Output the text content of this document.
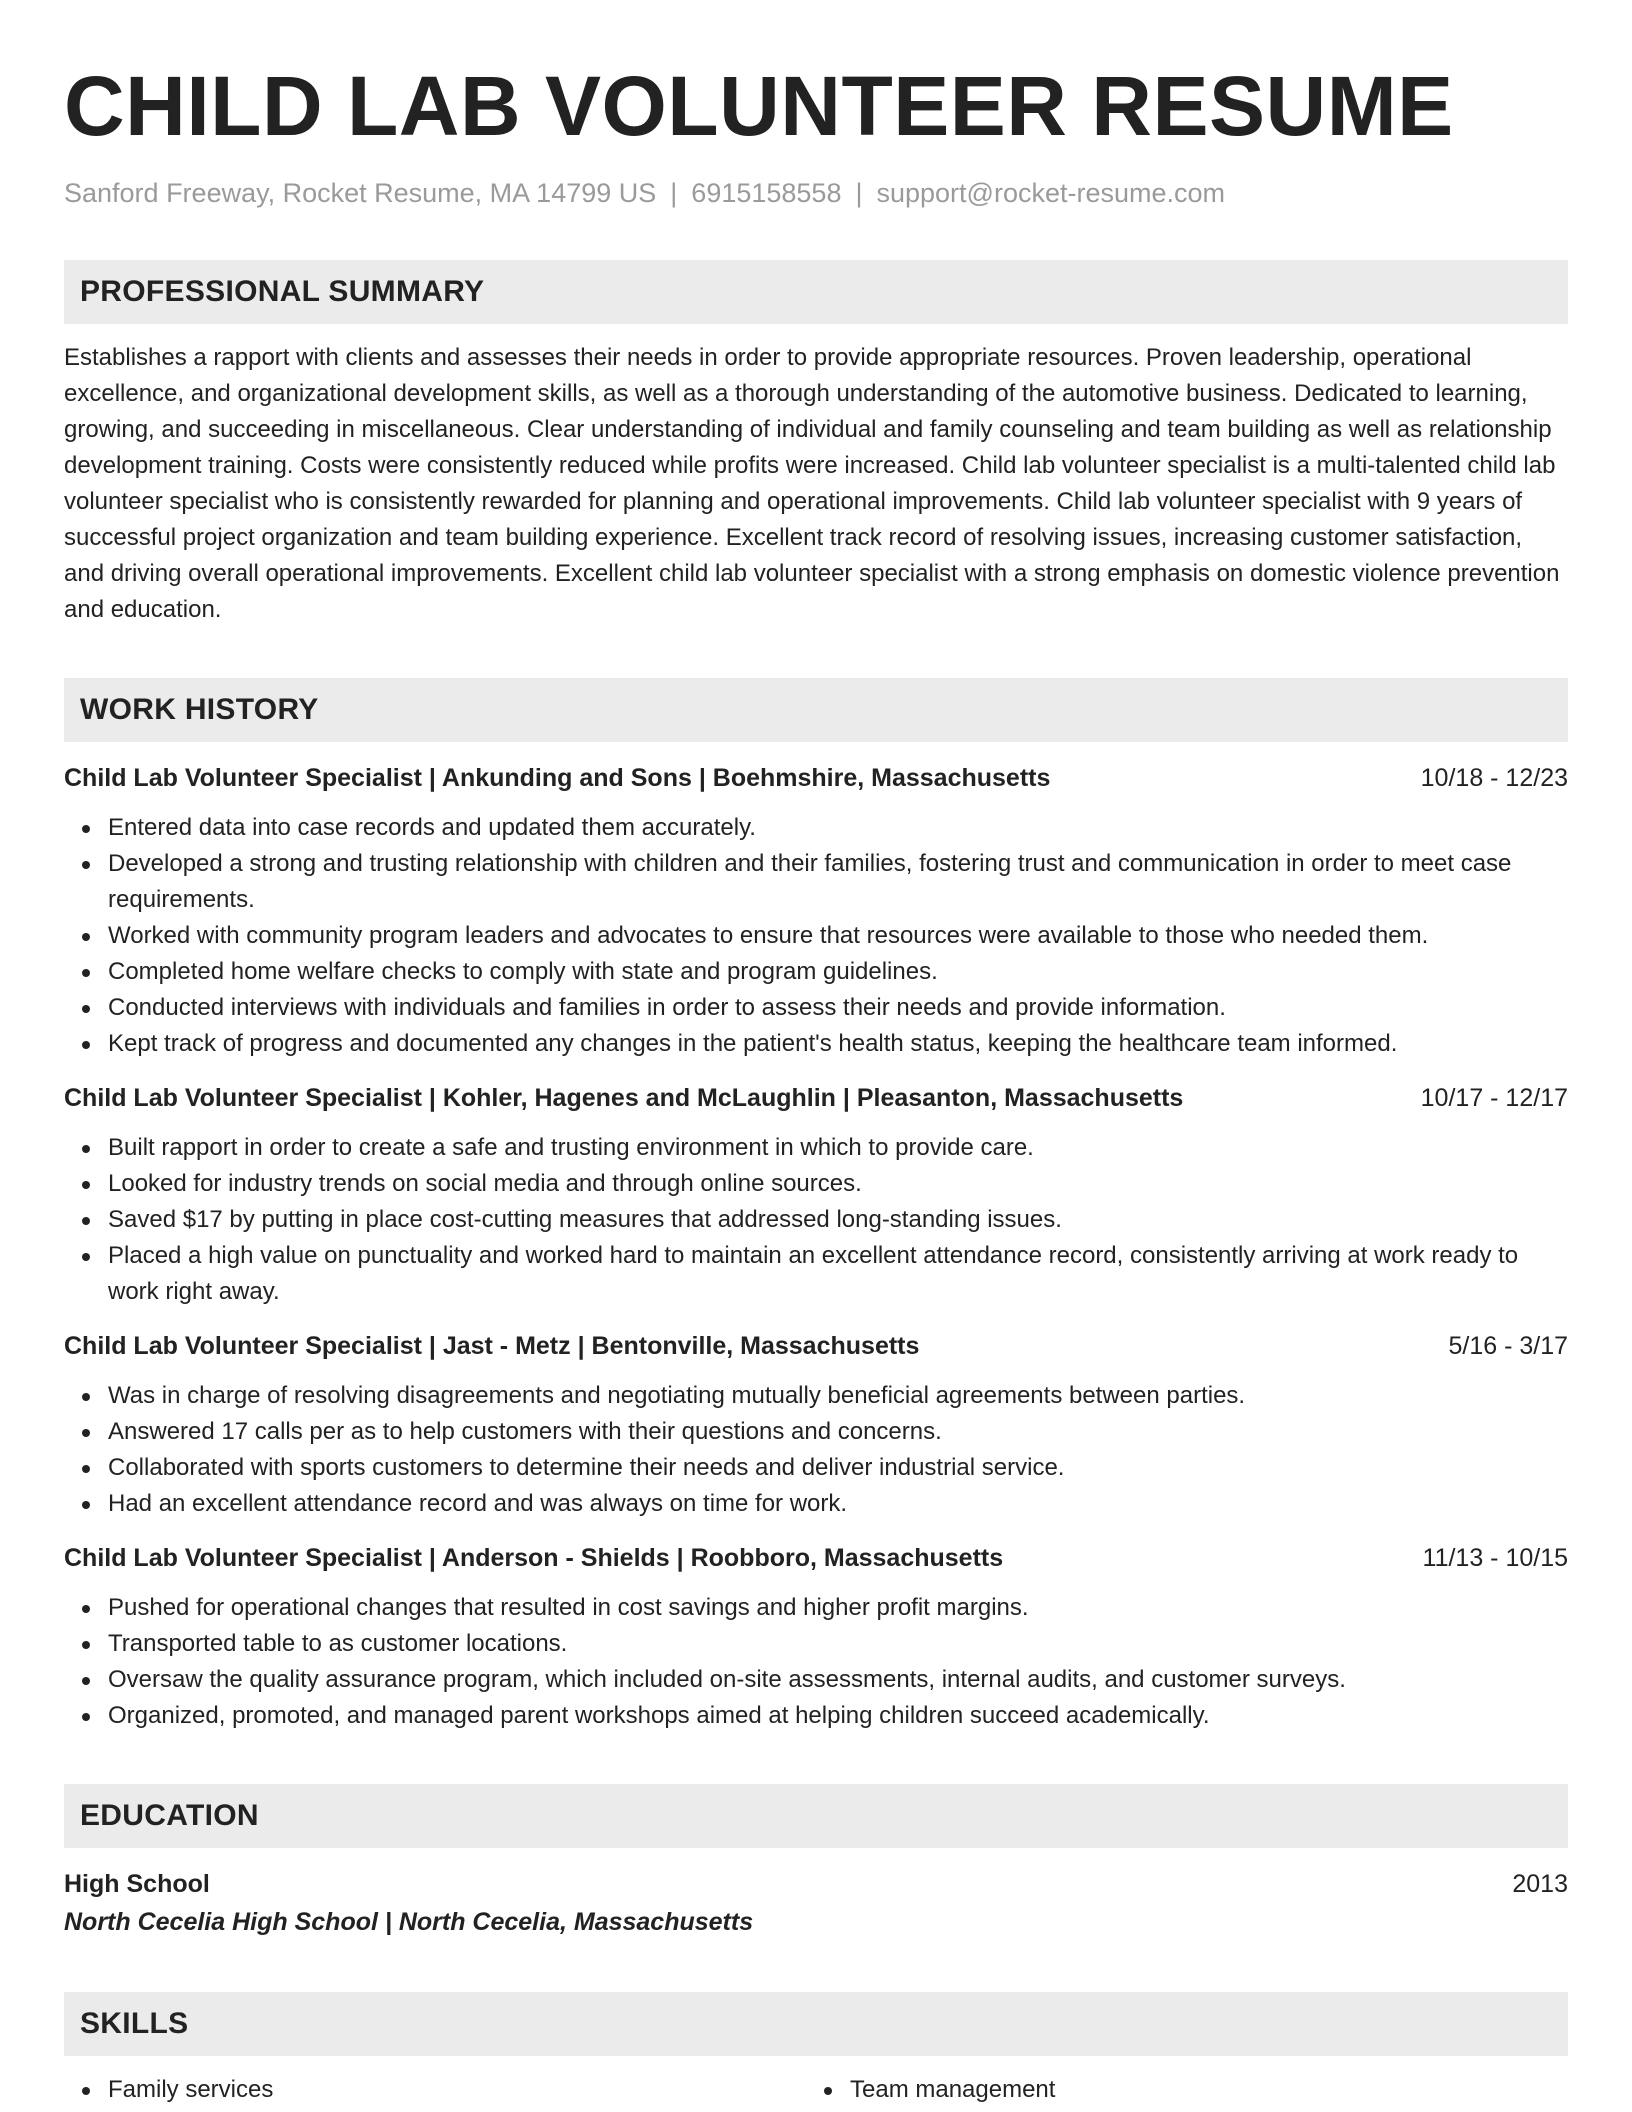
CHILD LAB VOLUNTEER RESUME
Sanford Freeway, Rocket Resume, MA 14799 US | 6915158558 | support@rocket-resume.com
PROFESSIONAL SUMMARY
Establishes a rapport with clients and assesses their needs in order to provide appropriate resources. Proven leadership, operational excellence, and organizational development skills, as well as a thorough understanding of the automotive business. Dedicated to learning, growing, and succeeding in miscellaneous. Clear understanding of individual and family counseling and team building as well as relationship development training. Costs were consistently reduced while profits were increased. Child lab volunteer specialist is a multi-talented child lab volunteer specialist who is consistently rewarded for planning and operational improvements. Child lab volunteer specialist with 9 years of successful project organization and team building experience. Excellent track record of resolving issues, increasing customer satisfaction, and driving overall operational improvements. Excellent child lab volunteer specialist with a strong emphasis on domestic violence prevention and education.
WORK HISTORY
Child Lab Volunteer Specialist | Ankunding and Sons | Boehmshire, Massachusetts	10/18 - 12/23
Entered data into case records and updated them accurately.
Developed a strong and trusting relationship with children and their families, fostering trust and communication in order to meet case requirements.
Worked with community program leaders and advocates to ensure that resources were available to those who needed them.
Completed home welfare checks to comply with state and program guidelines.
Conducted interviews with individuals and families in order to assess their needs and provide information.
Kept track of progress and documented any changes in the patient's health status, keeping the healthcare team informed.
Child Lab Volunteer Specialist | Kohler, Hagenes and McLaughlin | Pleasanton, Massachusetts	10/17 - 12/17
Built rapport in order to create a safe and trusting environment in which to provide care.
Looked for industry trends on social media and through online sources.
Saved $17 by putting in place cost-cutting measures that addressed long-standing issues.
Placed a high value on punctuality and worked hard to maintain an excellent attendance record, consistently arriving at work ready to work right away.
Child Lab Volunteer Specialist | Jast - Metz | Bentonville, Massachusetts	5/16 - 3/17
Was in charge of resolving disagreements and negotiating mutually beneficial agreements between parties.
Answered 17 calls per as to help customers with their questions and concerns.
Collaborated with sports customers to determine their needs and deliver industrial service.
Had an excellent attendance record and was always on time for work.
Child Lab Volunteer Specialist | Anderson - Shields | Roobboro, Massachusetts	11/13 - 10/15
Pushed for operational changes that resulted in cost savings and higher profit margins.
Transported table to as customer locations.
Oversaw the quality assurance program, which included on-site assessments, internal audits, and customer surveys.
Organized, promoted, and managed parent workshops aimed at helping children succeed academically.
EDUCATION
High School	2013
North Cecelia High School | North Cecelia, Massachusetts
SKILLS
Family services	Team management
